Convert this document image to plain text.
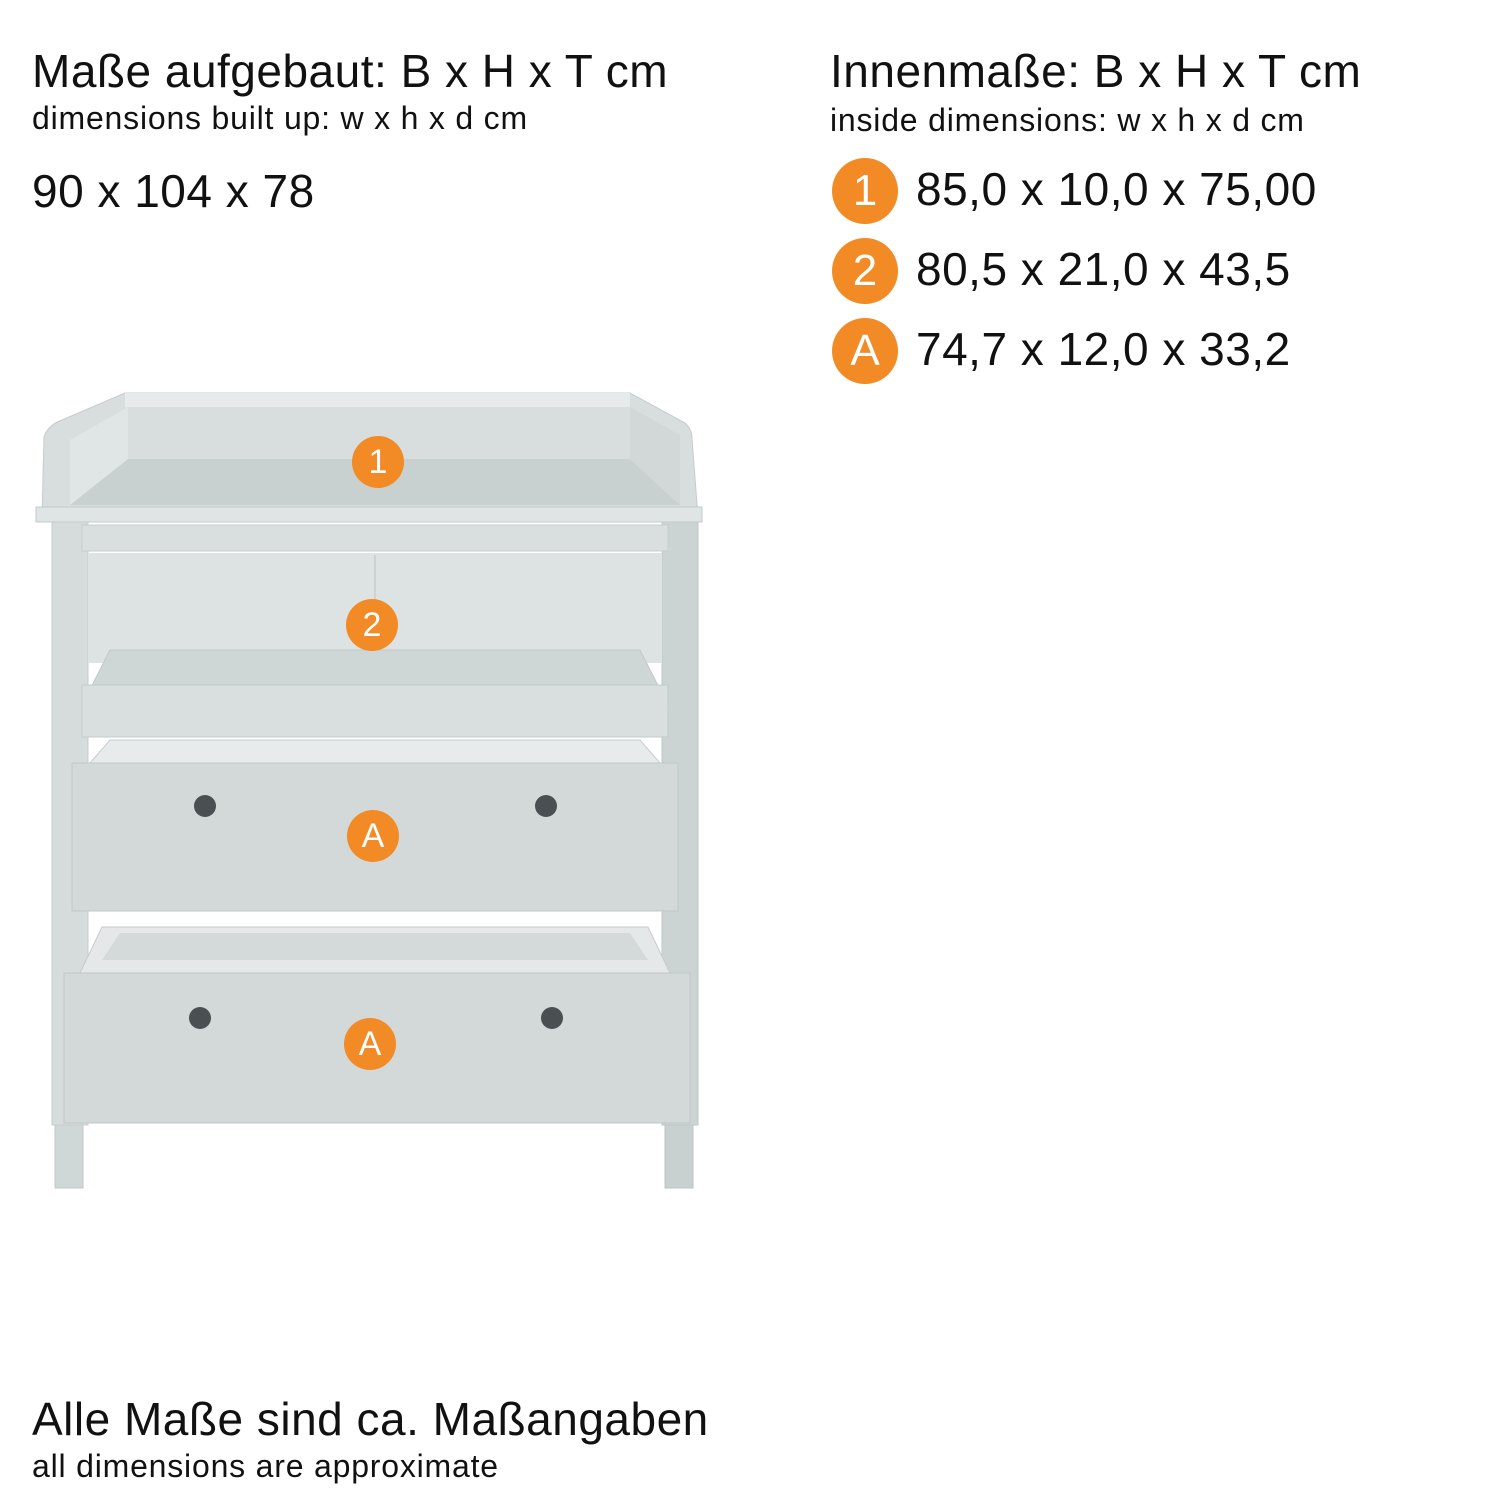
Maße aufgebaut: B x H x T cm
dimensions built up: w x h x d cm
90 x 104 x 78
Innenmaße: B x H x T cm
inside dimensions: w x h x d cm
1 85,0 x 10,0 x 75,00
2 80,5 x 21,0 x 43,5
A 74,7 x 12,0 x 33,2
1
2
A
A
Alle Maße sind ca. Maßangaben
all dimensions are approximate
